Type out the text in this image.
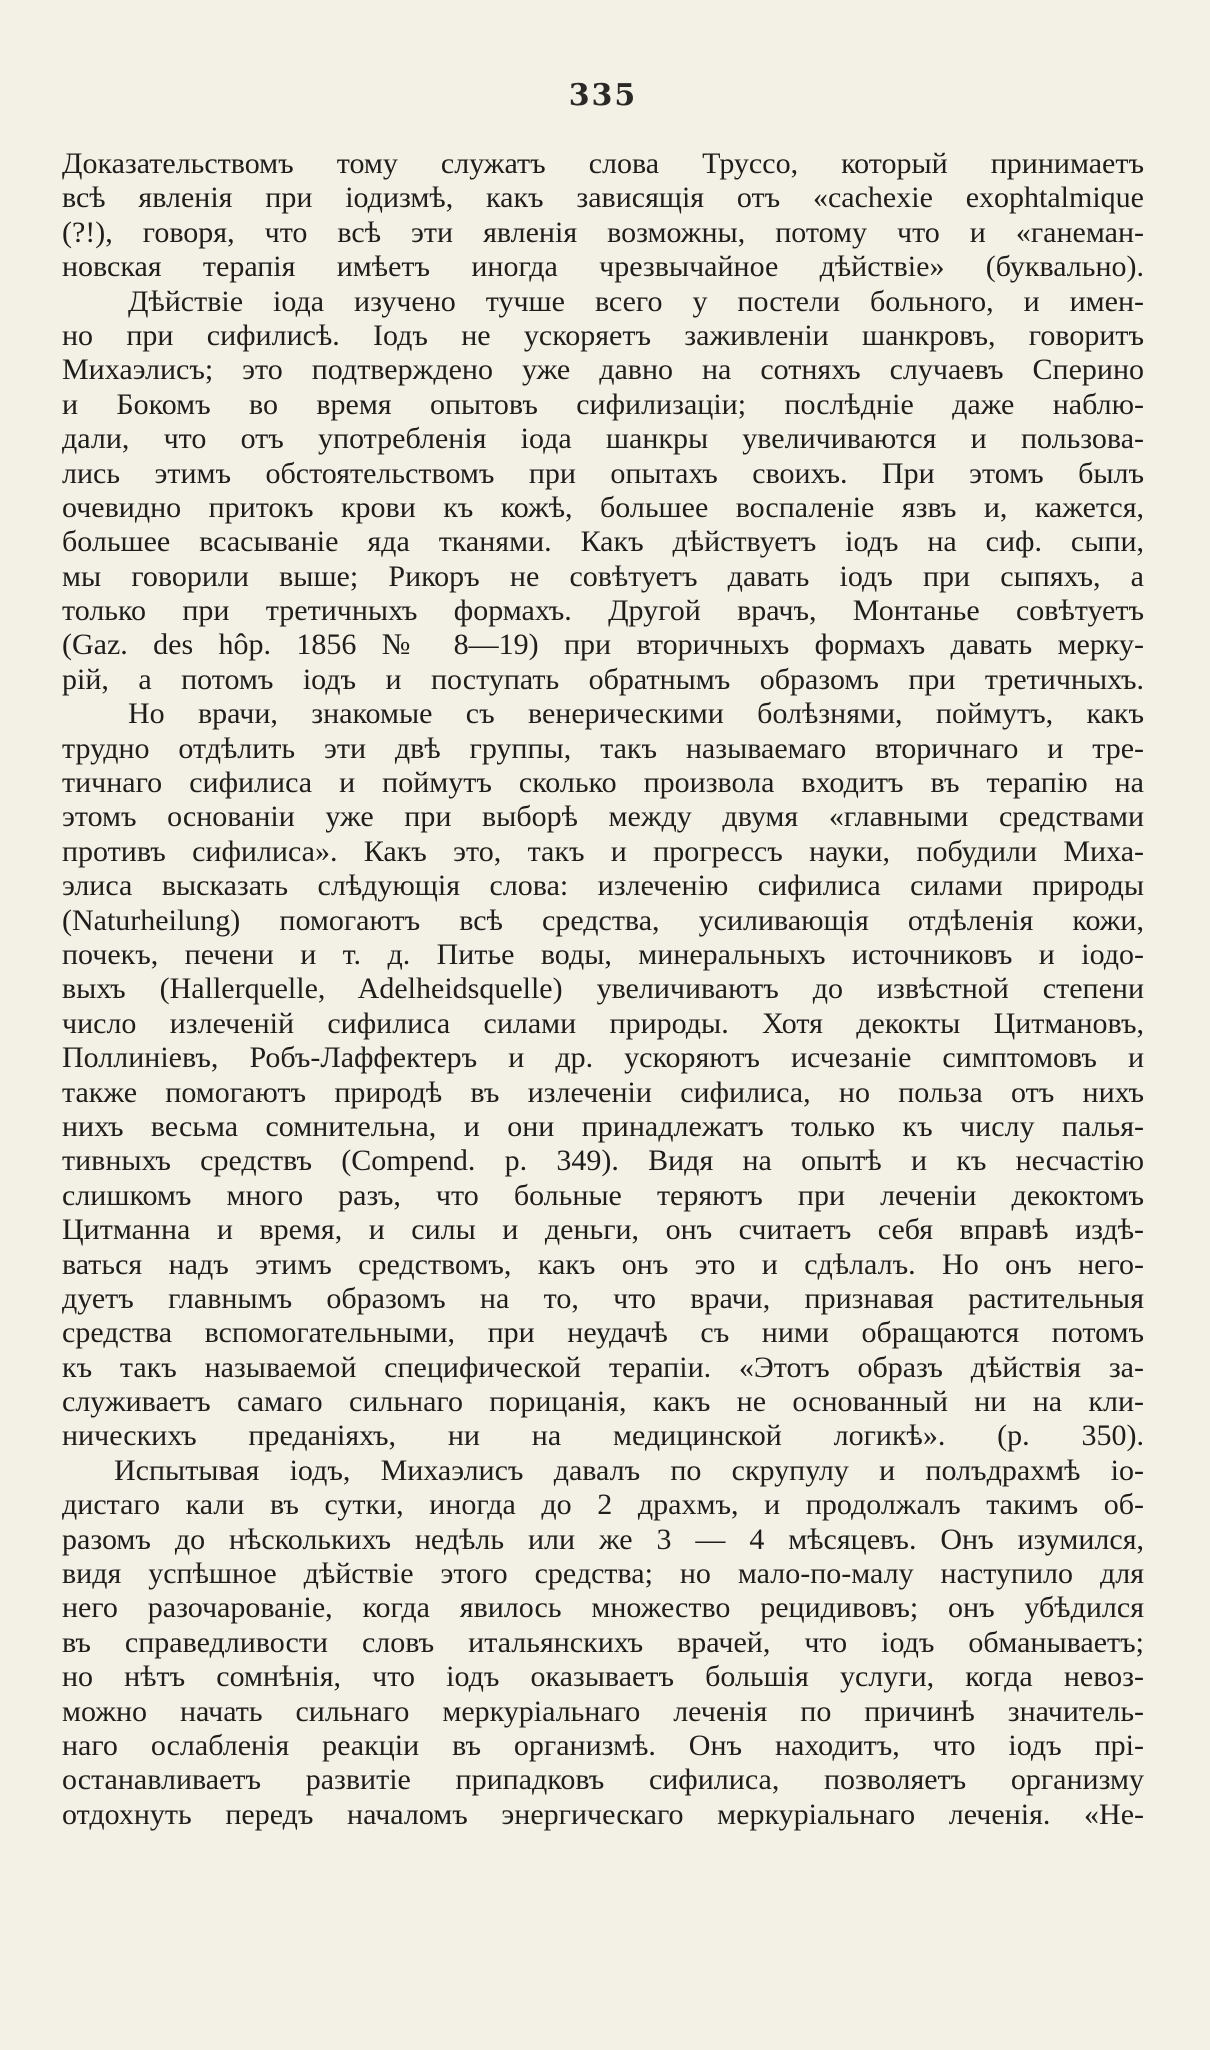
335
Доказательствомъ тому служатъ слова Труссо, который принимаетъ
всѣ явленія при іодизмѣ, какъ зависящія отъ «cachexie exophtalmique
(?!), говоря, что всѣ эти явленія возможны, потому что и «ганеман-
новская терапія имѣетъ иногда чрезвычайное дѣйствіе» (буквально).
Дѣйствіе іода изучено тучше всего у постели больного, и имен-
но при сифилисѣ. Іодъ не ускоряетъ заживленіи шанкровъ, говоритъ
Михаэлисъ; это подтверждено уже давно на сотняхъ случаевъ Сперино
и Бокомъ во время опытовъ сифилизаціи; послѣдніе даже наблю-
дали, что отъ употребленія іода шанкры увеличиваются и пользова-
лись этимъ обстоятельствомъ при опытахъ своихъ. При этомъ былъ
очевидно притокъ крови къ кожѣ, большее воспаленіе язвъ и, кажется,
большее всасываніе яда тканями. Какъ дѣйствуетъ іодъ на сиф. сыпи,
мы говорили выше; Рикоръ не совѣтуетъ давать іодъ при сыпяхъ, а
только при третичныхъ формахъ. Другой врачъ, Монтанье совѣтуетъ
(Gaz. des hôp. 1856 № 8—19) при вторичныхъ формахъ давать мерку-
рій, а потомъ іодъ и поступать обратнымъ образомъ при третичныхъ.
Но врачи, знакомые съ венерическими болѣзнями, поймутъ, какъ
трудно отдѣлить эти двѣ группы, такъ называемаго вторичнаго и тре-
тичнаго сифилиса и поймутъ сколько произвола входитъ въ терапію на
этомъ основаніи уже при выборѣ между двумя «главными средствами
противъ сифилиса». Какъ это, такъ и прогрессъ науки, побудили Миха-
элиса высказать слѣдующія слова: излеченію сифилиса силами природы
(Naturheilung) помогаютъ всѣ средства, усиливающія отдѣленія кожи,
почекъ, печени и т. д. Питье воды, минеральныхъ источниковъ и іодо-
выхъ (Hallerquelle, Adelheidsquelle) увеличиваютъ до извѣстной степени
число излеченій сифилиса силами природы. Хотя декокты Цитмановъ,
Поллиніевъ, Робъ-Лаффектеръ и др. ускоряютъ исчезаніе симптомовъ и
также помогаютъ природѣ въ излеченіи сифилиса, но польза отъ нихъ
нихъ весьма сомнительна, и они принадлежатъ только къ числу палья-
тивныхъ средствъ (Compend. p. 349). Видя на опытѣ и къ несчастію
слишкомъ много разъ, что больные теряютъ при леченіи декоктомъ
Цитманна и время, и силы и деньги, онъ считаетъ себя вправѣ издѣ-
ваться надъ этимъ средствомъ, какъ онъ это и сдѣлалъ. Но онъ него-
дуетъ главнымъ образомъ на то, что врачи, признавая растительныя
средства вспомогательными, при неудачѣ съ ними обращаются потомъ
къ такъ называемой специфической терапіи. «Этотъ образъ дѣйствія за-
служиваетъ самаго сильнаго порицанія, какъ не основанный ни на кли-
ническихъ преданіяхъ, ни на медицинской логикѣ». (p. 350).
Испытывая іодъ, Михаэлисъ давалъ по скрупулу и полъдрахмѣ іо-
дистаго кали въ сутки, иногда до 2 драхмъ, и продолжалъ такимъ об-
разомъ до нѣсколькихъ недѣль или же 3 — 4 мѣсяцевъ. Онъ изумился,
видя успѣшное дѣйствіе этого средства; но мало-по-малу наступило для
него разочарованіе, когда явилось множество рецидивовъ; онъ убѣдился
въ справедливости словъ итальянскихъ врачей, что іодъ обманываетъ;
но нѣтъ сомнѣнія, что іодъ оказываетъ большія услуги, когда невоз-
можно начать сильнаго меркуріальнаго леченія по причинѣ значитель-
наго ослабленія реакціи въ организмѣ. Онъ находитъ, что іодъ прі-
останавливаетъ развитіе припадковъ сифилиса, позволяетъ организму
отдохнуть передъ началомъ энергическаго меркуріальнаго леченія. «Не-
